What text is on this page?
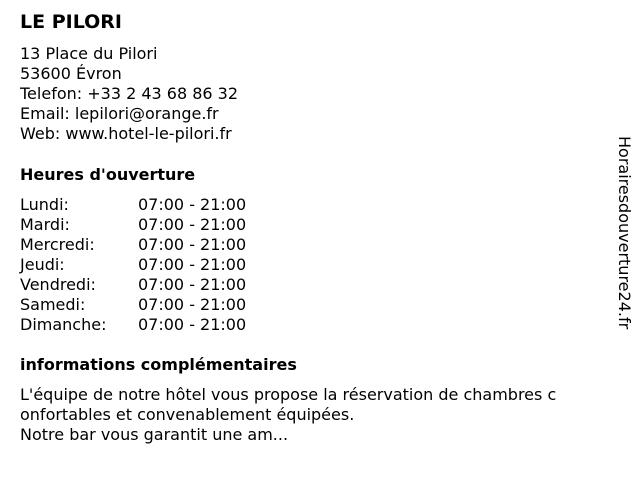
LE PILORI
13 Place du Pilori
53600 Évron
Telefon: +33 2 43 68 86 32
Email: lepilori@orange.fr
Web: www.hotel-le-pilori.fr
Heures d'ouverture
Lundi:	07:00 - 21:00
Mardi:	07:00 - 21:00
Mercredi:	07:00 - 21:00
Jeudi:	07:00 - 21:00
Vendredi:	07:00 - 21:00
Samedi:	07:00 - 21:00
Dimanche:	07:00 - 21:00
informations complémentaires
L'équipe de notre hôtel vous propose la réservation de chambres c
onfortables et convenablement équipées.
Notre bar vous garantit une am...
Horairesdouverture24.fr
